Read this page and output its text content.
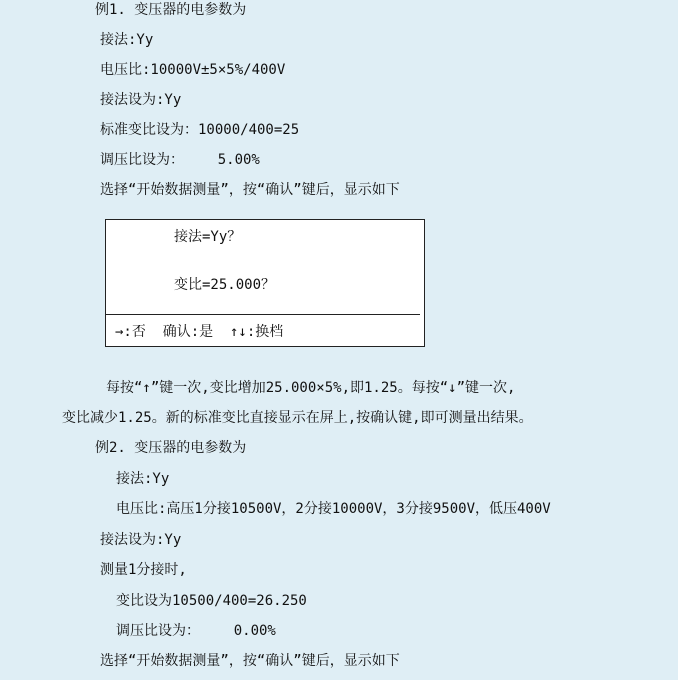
例1. 变压器的电参数为
接法:Yy
电压比:10000V±5×5%/400V
接法设为:Yy
标准变比设为：10000/400=25
调压比设为：    5.00%
选择“开始数据测量”，按“确认”键后，显示如下
接法=Yy？
变比=25.000？
→:否  确认:是  ↑↓:换档
每按“↑”键一次,变比增加25.000×5%,即1.25。每按“↓”键一次,
变比减少1.25。新的标准变比直接显示在屏上,按确认键,即可测量出结果。
例2. 变压器的电参数为
接法:Yy
电压比:高压1分接10500V，2分接10000V，3分接9500V，低压400V
接法设为:Yy
测量1分接时,
变比设为10500/400=26.250
调压比设为：    0.00%
选择“开始数据测量”，按“确认”键后，显示如下
